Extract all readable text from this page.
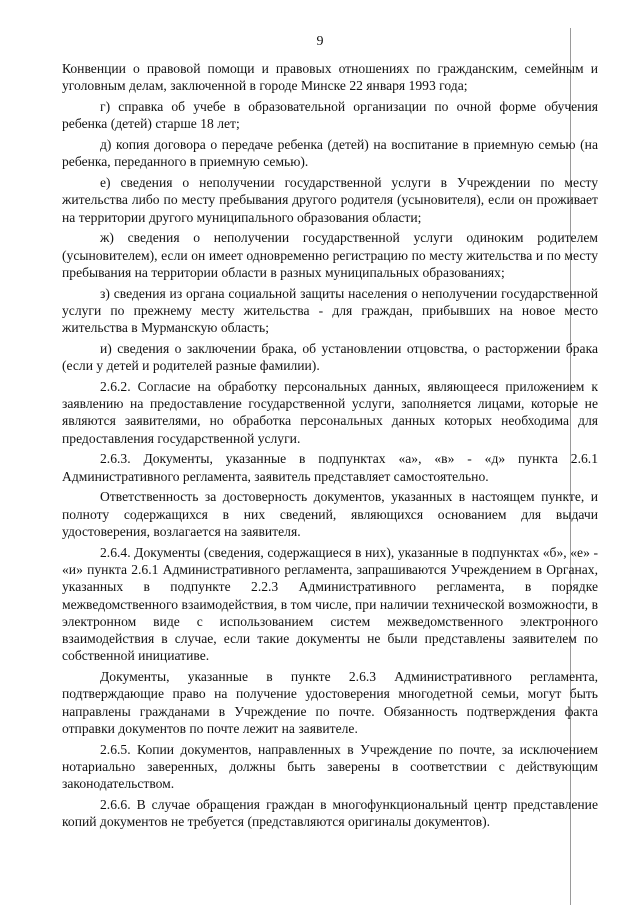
9

Конвенции о правовой помощи и правовых отношениях по гражданским, семейным и уголовным делам, заключенной в городе Минске 22 января 1993 года;

г) справка об учебе в образовательной организации по очной форме обучения ребенка (детей) старше 18 лет;

д) копия договора о передаче ребенка (детей) на воспитание в приемную семью (на ребенка, переданного в приемную семью).

е) сведения о неполучении государственной услуги в Учреждении по месту жительства либо по месту пребывания другого родителя (усыновителя), если он проживает на территории другого муниципального образования области;

ж) сведения о неполучении государственной услуги одиноким родителем (усыновителем), если он имеет одновременно регистрацию по месту жительства и по месту пребывания на территории области в разных муниципальных образованиях;

з) сведения из органа социальной защиты населения о неполучении государственной услуги по прежнему месту жительства - для граждан, прибывших на новое место жительства в Мурманскую область;

и) сведения о заключении брака, об установлении отцовства, о расторжении брака (если у детей и родителей разные фамилии).

2.6.2. Согласие на обработку персональных данных, являющееся приложением к заявлению на предоставление государственной услуги, заполняется лицами, которые не являются заявителями, но обработка персональных данных которых необходима для предоставления государственной услуги.

2.6.3. Документы, указанные в подпунктах «а», «в» - «д» пункта 2.6.1 Административного регламента, заявитель представляет самостоятельно.

Ответственность за достоверность документов, указанных в настоящем пункте, и полноту содержащихся в них сведений, являющихся основанием для выдачи удостоверения, возлагается на заявителя.

2.6.4. Документы (сведения, содержащиеся в них), указанные в подпунктах «б», «е» - «и» пункта 2.6.1 Административного регламента, запрашиваются Учреждением в Органах, указанных в подпункте 2.2.3 Административного регламента, в порядке межведомственного взаимодействия, в том числе, при наличии технической возможности, в электронном виде с использованием систем межведомственного электронного взаимодействия в случае, если такие документы не были представлены заявителем по собственной инициативе.

Документы, указанные в пункте 2.6.3 Административного регламента, подтверждающие право на получение удостоверения многодетной семьи, могут быть направлены гражданами в Учреждение по почте. Обязанность подтверждения факта отправки документов по почте лежит на заявителе.

2.6.5. Копии документов, направленных в Учреждение по почте, за исключением нотариально заверенных, должны быть заверены в соответствии с действующим законодательством.

2.6.6. В случае обращения граждан в многофункциональный центр представление копий документов не требуется (представляются оригиналы документов).
